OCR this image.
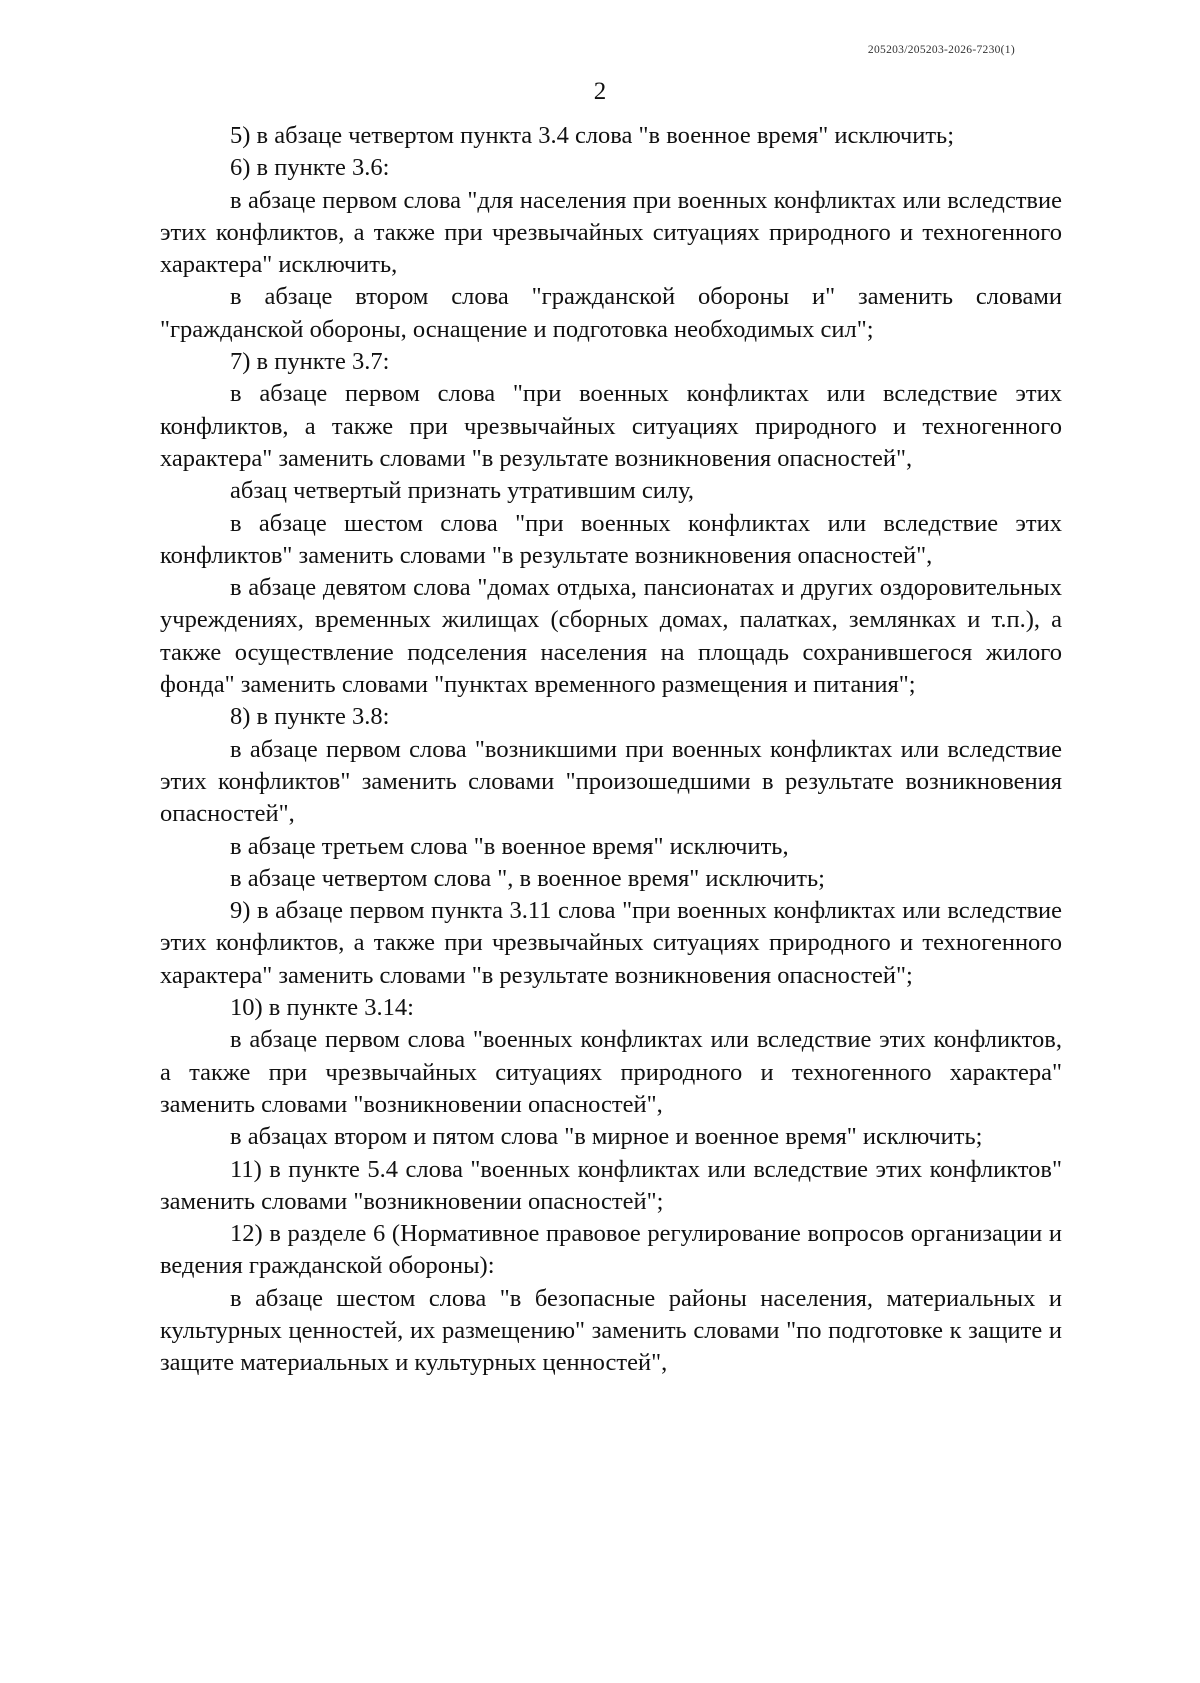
205203/205203-2026-7230(1)
2

5) в абзаце четвертом пункта 3.4 слова "в военное время" исключить;

6) в пункте 3.6:

в абзаце первом слова "для населения при военных конфликтах или вследствие этих конфликтов, а также при чрезвычайных ситуациях природного и техногенного характера" исключить,

в абзаце втором слова "гражданской обороны и" заменить словами "гражданской обороны, оснащение и подготовка необходимых сил";

7) в пункте 3.7:

в абзаце первом слова "при военных конфликтах или вследствие этих конфликтов, а также при чрезвычайных ситуациях природного и техногенного характера" заменить словами "в результате возникновения опасностей",

абзац четвертый признать утратившим силу,

в абзаце шестом слова "при военных конфликтах или вследствие этих конфликтов" заменить словами "в результате возникновения опасностей",

в абзаце девятом слова "домах отдыха, пансионатах и других оздоровительных учреждениях, временных жилищах (сборных домах, палатках, землянках и т.п.), а также осуществление подселения населения на площадь сохранившегося жилого фонда" заменить словами "пунктах временного размещения и питания";

8) в пункте 3.8:

в абзаце первом слова "возникшими при военных конфликтах или вследствие этих конфликтов" заменить словами "произошедшими в результате возникновения опасностей",

в абзаце третьем слова "в военное время" исключить,

в абзаце четвертом слова ", в военное время" исключить;

9) в абзаце первом пункта 3.11 слова "при военных конфликтах или вследствие этих конфликтов, а также при чрезвычайных ситуациях природного и техногенного характера" заменить словами "в результате возникновения опасностей";

10) в пункте 3.14:

в абзаце первом слова "военных конфликтах или вследствие этих конфликтов, а также при чрезвычайных ситуациях природного и техногенного характера" заменить словами "возникновении опасностей",

в абзацах втором и пятом слова "в мирное и военное время" исключить;

11) в пункте 5.4 слова "военных конфликтах или вследствие этих конфликтов" заменить словами "возникновении опасностей";

12) в разделе 6 (Нормативное правовое регулирование вопросов организации и ведения гражданской обороны):

в абзаце шестом слова "в безопасные районы населения, материальных и культурных ценностей, их размещению" заменить словами "по подготовке к защите и защите материальных и культурных ценностей",
